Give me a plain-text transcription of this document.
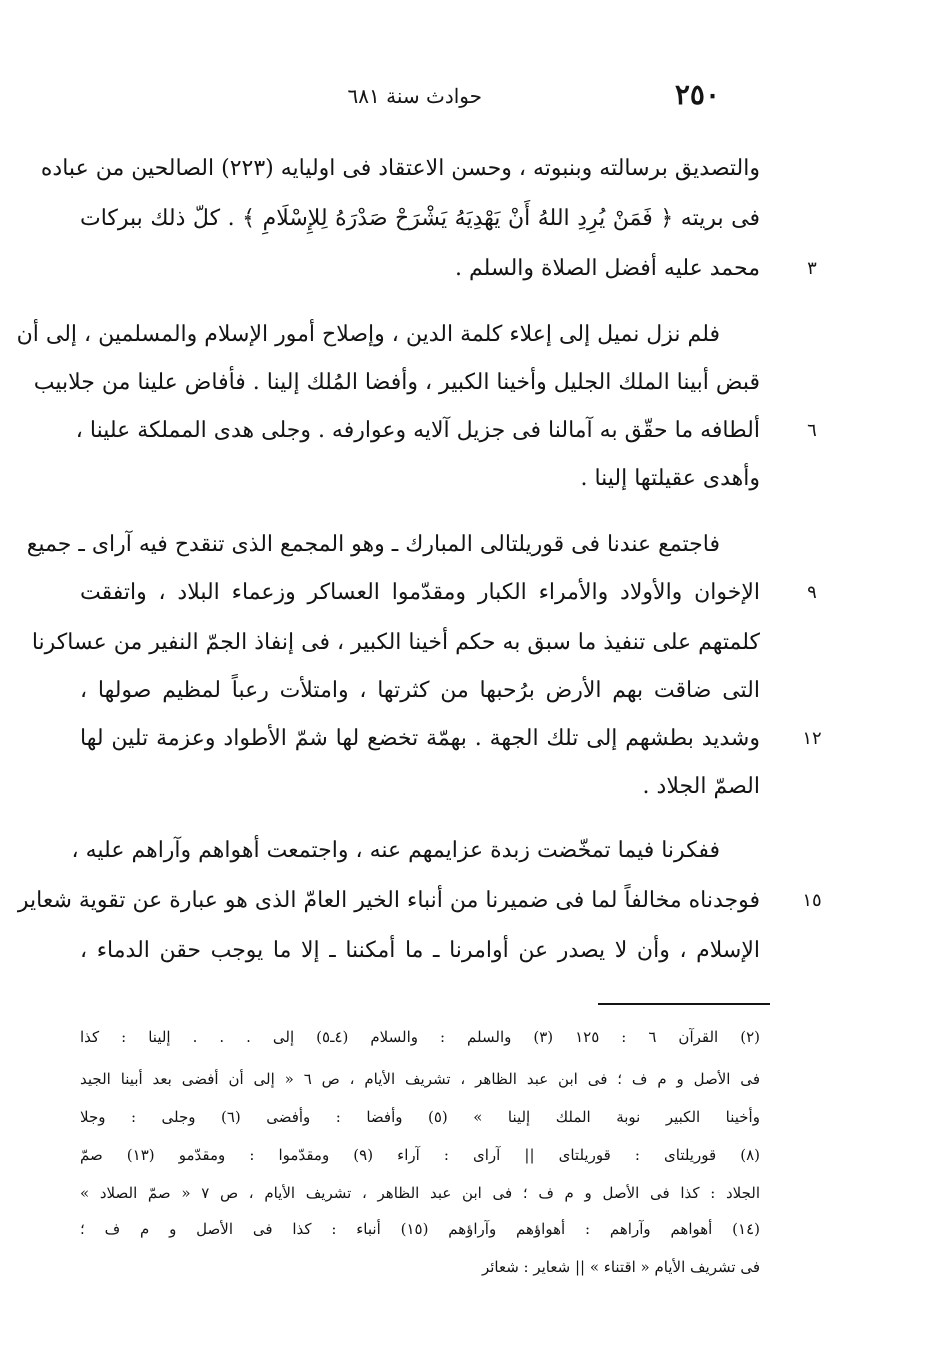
٢٥٠
حوادث سنة ٦٨١
والتصديق برسالته وبنبوته ، وحسن الاعتقاد فى اوليايه (٢٢٣) الصالحين من عباده
فى بريته ﴿ فَمَنْ يُرِدِ اللهُ أَنْ يَهْدِيَهُ يَشْرَحْ صَدْرَهُ لِلإِسْلَامِ ﴾ . كلّ ذلك ببركات
محمد عليه أفضل الصلاة والسلم .
فلم نزل نميل إلى إعلاء كلمة الدين ، وإصلاح أمور الإسلام والمسلمين ، إلى أن
قبض أبينا الملك الجليل وأخينا الكبير ، وأفضا المُلك إلينا . فأفاض علينا من جلابيب
ألطافه ما حقّق به آمالنا فى جزيل آلايه وعوارفه . وجلى هدى المملكة علينا ،
وأهدى عقيلتها إلينا .
فاجتمع عندنا فى قوريلتالى المبارك ـ وهو المجمع الذى تنقدح فيه آراى ـ جميع
الإخوان والأولاد والأمراء الكبار ومقدّموا العساكر وزعماء البلاد ، واتفقت
كلمتهم على تنفيذ ما سبق به حكم أخينا الكبير ، فى إنفاذ الجمّ النفير من عساكرنا
التى ضاقت بهم الأرض برُحبها من كثرتها ، وامتلأت رعباً لمظيم صولها ،
وشديد بطشهم إلى تلك الجهة . بهمّة تخضع لها شمّ الأطواد وعزمة تلين لها
الصمّ الجلاد .
ففكرنا فيما تمخّضت زبدة عزايمهم عنه ، واجتمعت أهواهم وآراهم عليه ،
فوجدناه مخالفاً لما فى ضميرنا من أنباء الخير العامّ الذى هو عبارة عن تقوية شعاير
الإسلام ، وأن لا يصدر عن أوامرنا ـ ما أمكننا ـ إلا ما يوجب حقن الدماء ،
٣
٦
٩
١٢
١٥
(٢) القرآن ٦ : ١٢٥ (٣) والسلم : والسلام (٤ـ٥) إلى . . . إلينا : كذا
فى الأصل و م ف ؛ فى ابن عبد الظاهر ، تشريف الأيام ، ص ٦ « إلى أن أفضى بعد أبينا الجيد
وأخينا الكبير نوبة الملك إلينا » (٥) وأفضا : وأفضى (٦) وجلى : وجلا
(٨) قوريلتاى : قوريلتاى || آراى : آراء (٩) ومقدّموا : ومقدّمو (١٣) صمّ
الجلاد : كذا فى الأصل و م ف ؛ فى ابن عبد الظاهر ، تشريف الأيام ، ص ٧ « صمّ الصلاد »
(١٤) أهواهم وآراهم : أهواؤهم وآراؤهم (١٥) أنباء : كذا فى الأصل و م ف ؛
فى تشريف الأيام « اقتناء » || شعاير : شعائر
